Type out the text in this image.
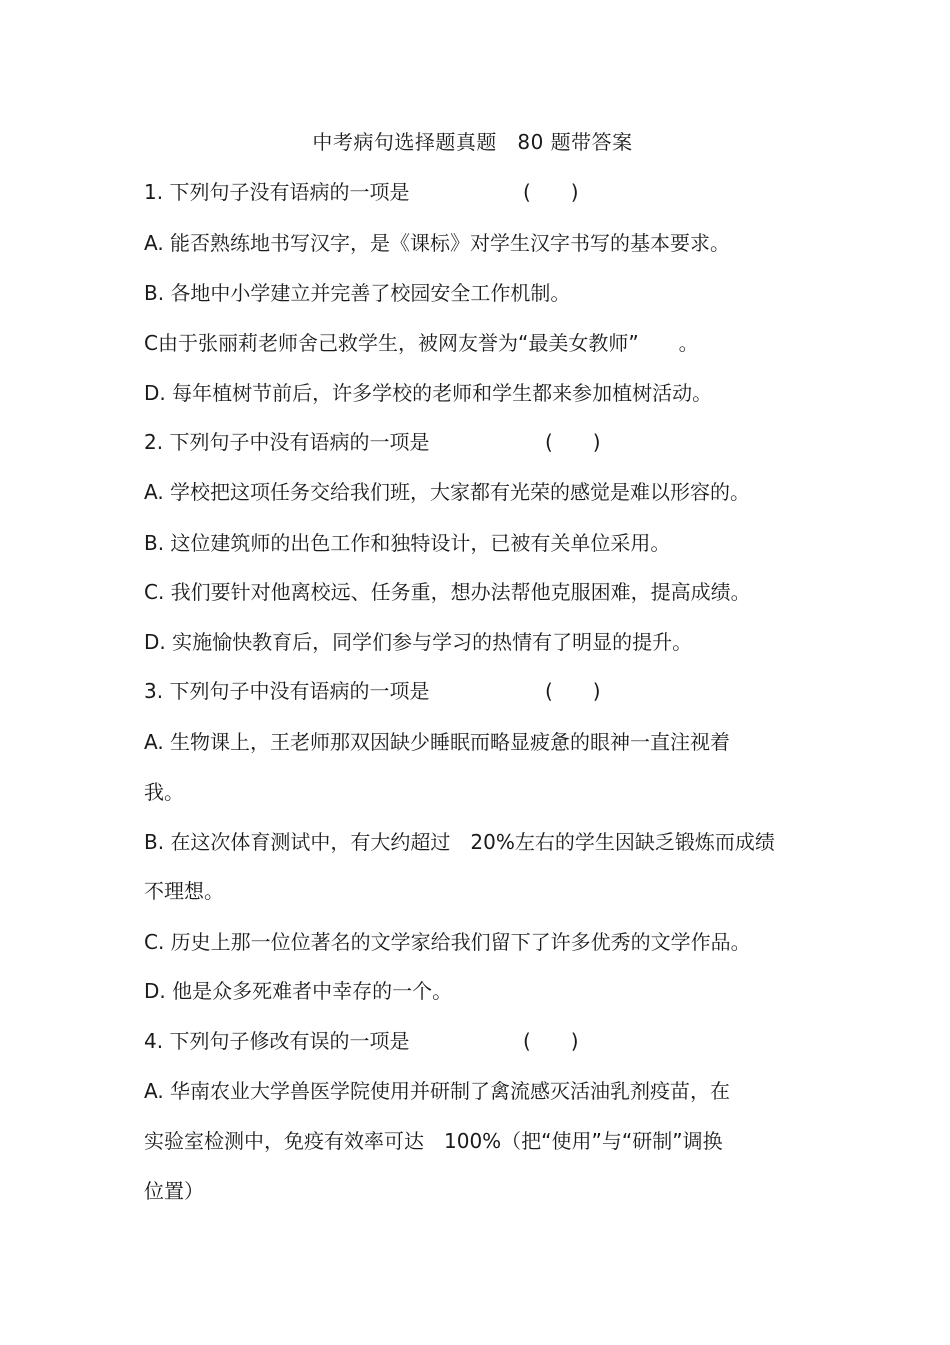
中考病句选择题真题　80 题带答案
1. 下列句子没有语病的一项是	(　　)
A. 能否熟练地书写汉字，是《课标》对学生汉字书写的基本要求。
B. 各地中小学建立并完善了校园安全工作机制。
C由于张丽莉老师舍己救学生，被网友誉为“最美女教师”　　。
D. 每年植树节前后，许多学校的老师和学生都来参加植树活动。
2. 下列句子中没有语病的一项是	(　　)
A. 学校把这项任务交给我们班，大家都有光荣的感觉是难以形容的。
B. 这位建筑师的出色工作和独特设计，已被有关单位采用。
C. 我们要针对他离校远、任务重，想办法帮他克服困难，提高成绩。
D. 实施愉快教育后，同学们参与学习的热情有了明显的提升。
3. 下列句子中没有语病的一项是	(　　)
A. 生物课上，王老师那双因缺少睡眠而略显疲惫的眼神一直注视着
我。
B. 在这次体育测试中，有大约超过　20%左右的学生因缺乏锻炼而成绩
不理想。
C. 历史上那一位位著名的文学家给我们留下了许多优秀的文学作品。
D. 他是众多死难者中幸存的一个。
4. 下列句子修改有误的一项是	(　　)
A. 华南农业大学兽医学院使用并研制了禽流感灭活油乳剂疫苗，在
实验室检测中，免疫有效率可达　100%（把“使用”与“研制”调换
位置）
